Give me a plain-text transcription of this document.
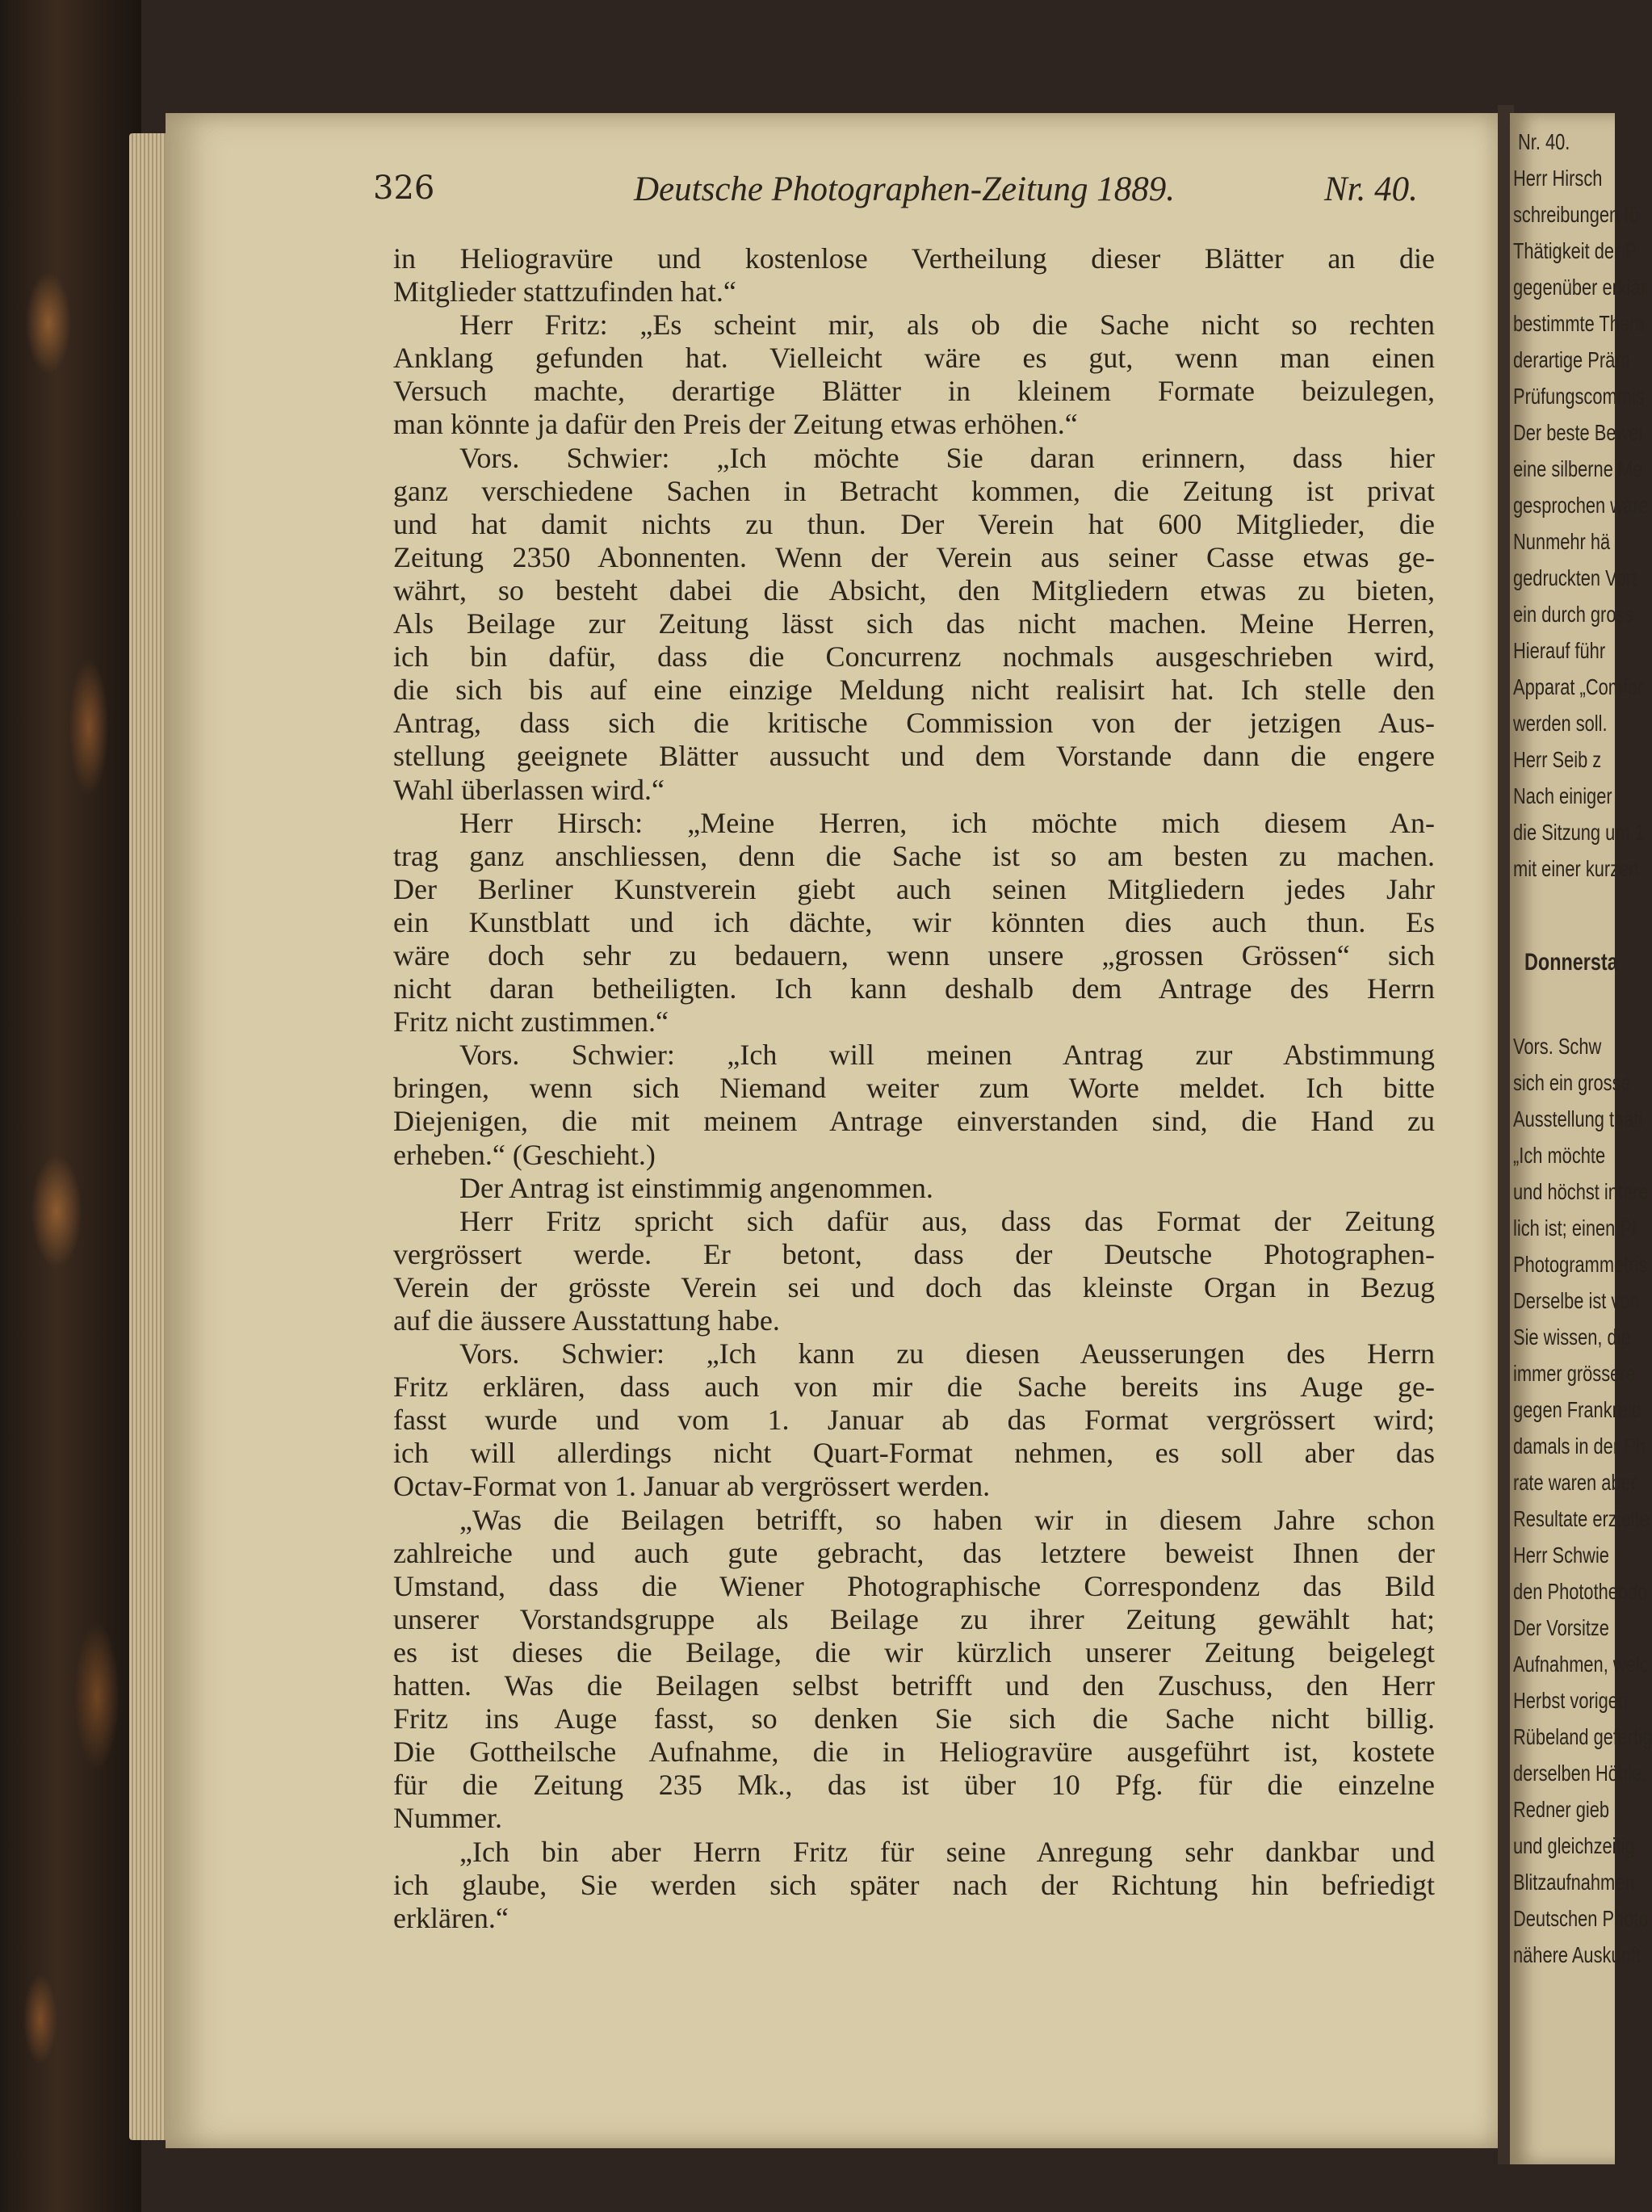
326	Deutsche Photographen-Zeitung 1889.	Nr. 40.
in Heliogravüre und kostenlose Vertheilung dieser Blätter an die
Mitglieder stattzufinden hat.“
Herr Fritz: „Es scheint mir, als ob die Sache nicht so rechten
Anklang gefunden hat. Vielleicht wäre es gut, wenn man einen
Versuch machte, derartige Blätter in kleinem Formate beizulegen,
man könnte ja dafür den Preis der Zeitung etwas erhöhen.“
Vors. Schwier: „Ich möchte Sie daran erinnern, dass hier
ganz verschiedene Sachen in Betracht kommen, die Zeitung ist privat
und hat damit nichts zu thun. Der Verein hat 600 Mitglieder, die
Zeitung 2350 Abonnenten. Wenn der Verein aus seiner Casse etwas ge-
währt, so besteht dabei die Absicht, den Mitgliedern etwas zu bieten,
Als Beilage zur Zeitung lässt sich das nicht machen. Meine Herren,
ich bin dafür, dass die Concurrenz nochmals ausgeschrieben wird,
die sich bis auf eine einzige Meldung nicht realisirt hat. Ich stelle den
Antrag, dass sich die kritische Commission von der jetzigen Aus-
stellung geeignete Blätter aussucht und dem Vorstande dann die engere
Wahl überlassen wird.“
Herr Hirsch: „Meine Herren, ich möchte mich diesem An-
trag ganz anschliessen, denn die Sache ist so am besten zu machen.
Der Berliner Kunstverein giebt auch seinen Mitgliedern jedes Jahr
ein Kunstblatt und ich dächte, wir könnten dies auch thun. Es
wäre doch sehr zu bedauern, wenn unsere „grossen Grössen“ sich
nicht daran betheiligten. Ich kann deshalb dem Antrage des Herrn
Fritz nicht zustimmen.“
Vors. Schwier: „Ich will meinen Antrag zur Abstimmung
bringen, wenn sich Niemand weiter zum Worte meldet. Ich bitte
Diejenigen, die mit meinem Antrage einverstanden sind, die Hand zu
erheben.“ (Geschieht.)
Der Antrag ist einstimmig angenommen.
Herr Fritz spricht sich dafür aus, dass das Format der Zeitung
vergrössert werde. Er betont, dass der Deutsche Photographen-
Verein der grösste Verein sei und doch das kleinste Organ in Bezug
auf die äussere Ausstattung habe.
Vors. Schwier: „Ich kann zu diesen Aeusserungen des Herrn
Fritz erklären, dass auch von mir die Sache bereits ins Auge ge-
fasst wurde und vom 1. Januar ab das Format vergrössert wird;
ich will allerdings nicht Quart-Format nehmen, es soll aber das
Octav-Format von 1. Januar ab vergrössert werden.
„Was die Beilagen betrifft, so haben wir in diesem Jahre schon
zahlreiche und auch gute gebracht, das letztere beweist Ihnen der
Umstand, dass die Wiener Photographische Correspondenz das Bild
unserer Vorstandsgruppe als Beilage zu ihrer Zeitung gewählt hat;
es ist dieses die Beilage, die wir kürzlich unserer Zeitung beigelegt
hatten. Was die Beilagen selbst betrifft und den Zuschuss, den Herr
Fritz ins Auge fasst, so denken Sie sich die Sache nicht billig.
Die Gottheilsche Aufnahme, die in Heliogravüre ausgeführt ist, kostete
für die Zeitung 235 Mk., das ist über 10 Pfg. für die einzelne
Nummer.
„Ich bin aber Herrn Fritz für seine Anregung sehr dankbar und
ich glaube, Sie werden sich später nach der Richtung hin befriedigt
erklären.“
Nr. 40.
Herr Hirsch
schreibungen fü
Thätigkeit der P
gegenüber erklär
bestimmte Them
derartige Präm
Prüfungscommis
Der beste Bewei
eine silberne Me
gesprochen wäre
Nunmehr hä
gedruckten Vort
ein durch gross
Hierauf führ
Apparat „Comfor
werden soll.
Herr Seib z
Nach einiger
die Sitzung um 1
mit einer kurzen
Donnersta
Vors. Schw
sich ein grosse
Ausstellung thäti
„Ich möchte
und höchst intere
lich ist; einen Pl
Photogrammetris
Derselbe ist von
Sie wissen, die
immer grössere
gegen Frankreic
damals in der Ph
rate waren aber
Resultate erzielte
Herr Schwie
den Phototheodo
Der Vorsitze
Aufnahmen, welc
Herbst vorigen
Rübeland gefertig
derselben Höhle,
Redner gieb
und gleichzeitig
Blitzaufnahmen
Deutschen Photo
nähere Auskunft
